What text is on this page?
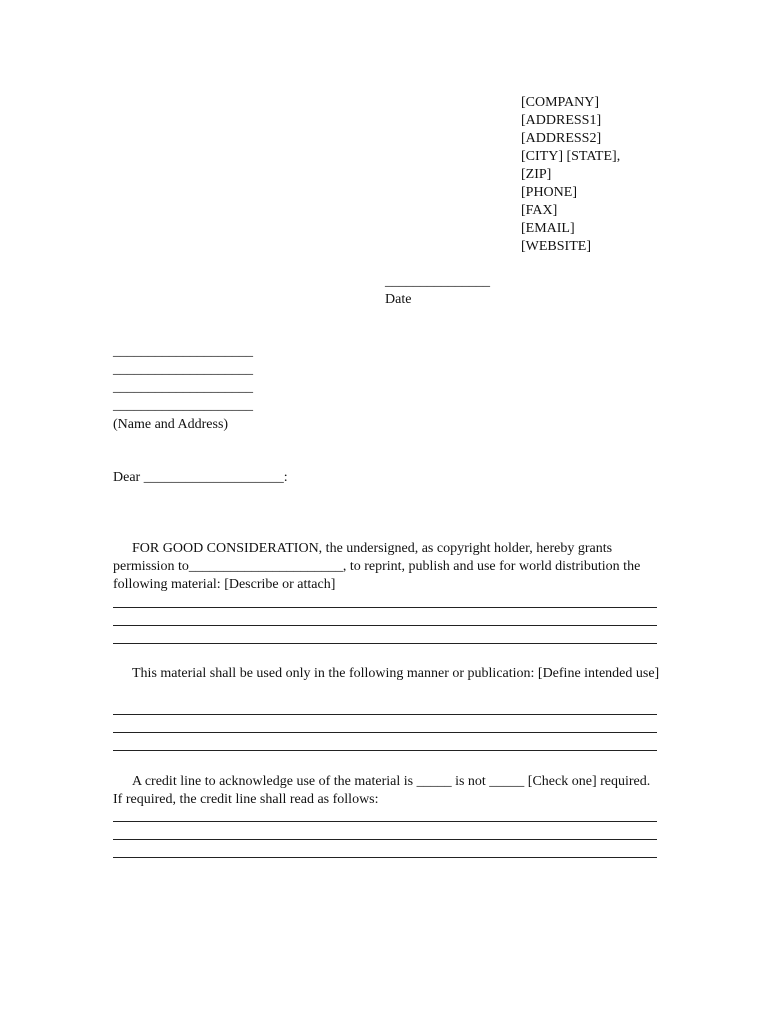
[COMPANY]
[ADDRESS1]
[ADDRESS2]
[CITY] [STATE],
[ZIP]
[PHONE]
[FAX]
[EMAIL]
[WEBSITE]
_______________
Date
____________________
____________________
____________________
____________________
(Name and Address)
Dear ____________________:
FOR GOOD CONSIDERATION, the undersigned, as copyright holder, hereby grants permission to______________________, to reprint, publish and use for world distribution the following material: [Describe or attach]
This material shall be used only in the following manner or publication: [Define intended use]
A credit line to acknowledge use of the material is _____ is not _____ [Check one] required. If required, the credit line shall read as follows:
